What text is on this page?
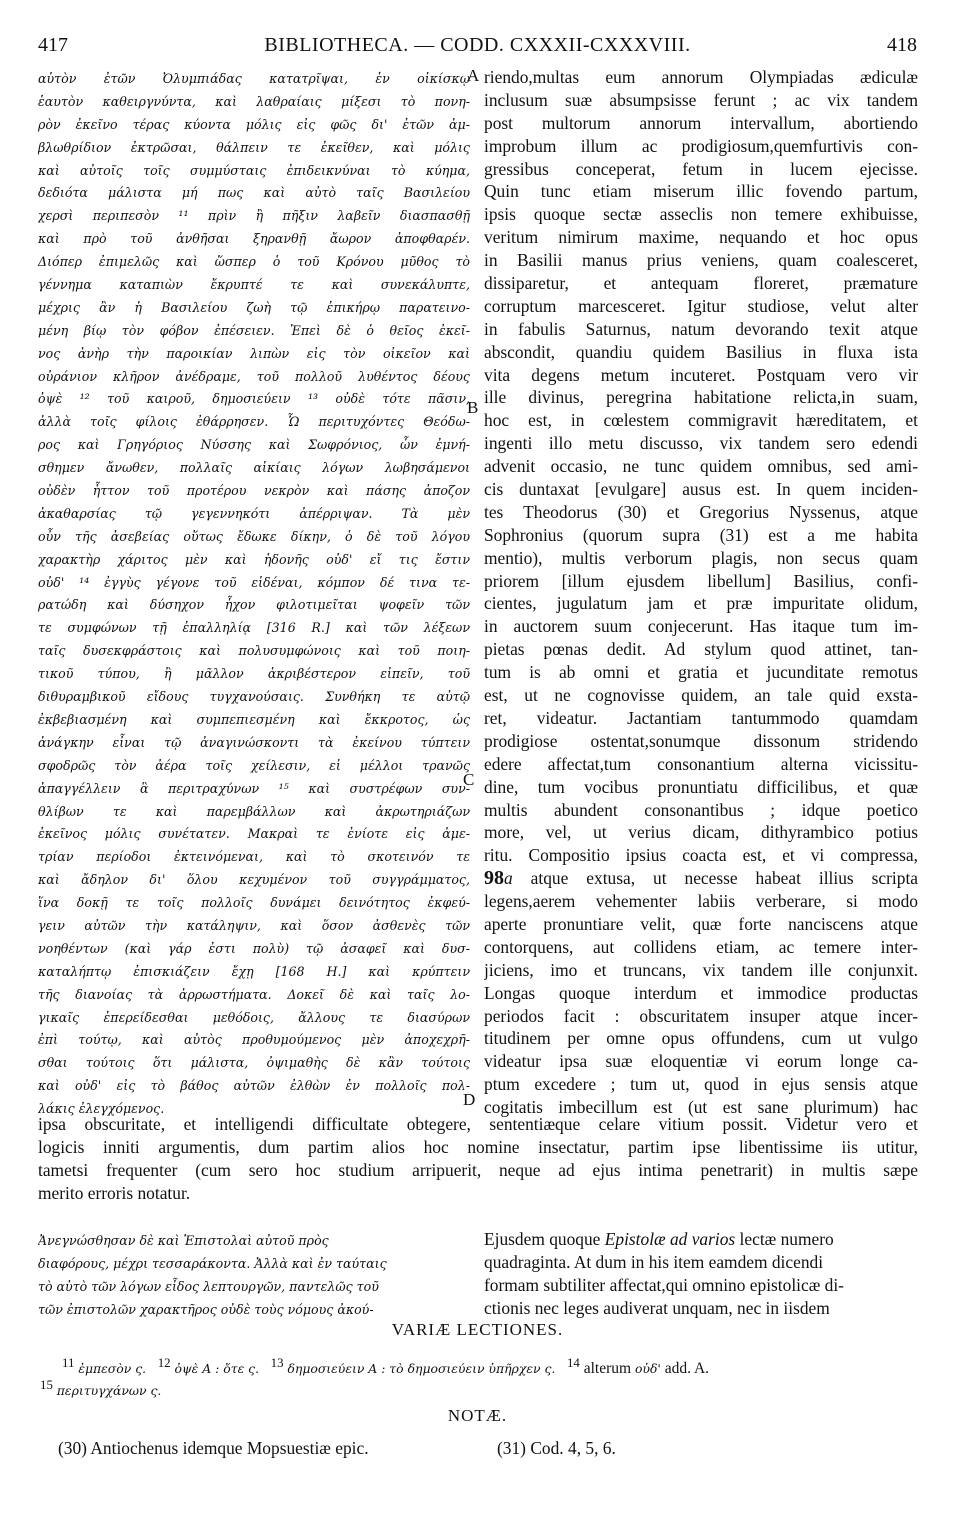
417	BIBLIOTHECA. — CODD. CXXXII-CXXXVIII.	418
αὐτὸν ἐτῶν Ὀλυμπιάδας κατατρῖψαι, ἐν οἰκίσκῳ
ἑαυτὸν καθειργνύντα, καὶ λαθραίαις μίξεσι τὸ πονη-
ρὸν ἐκεῖνο τέρας κύοντα μόλις εἰς φῶς δι' ἐτῶν ἀμ-
βλωθρίδιον ἐκτρῶσαι, θάλπειν τε ἐκεῖθεν, καὶ μόλις
καὶ αὐτοῖς τοῖς συμμύσταις ἐπιδεικνύναι τὸ κύημα,
δεδιότα μάλιστα μή πως καὶ αὐτὸ ταῖς Βασιλείου
χερσὶ περιπεσὸν ¹¹ πρὶν ἢ πῆξιν λαβεῖν διασπασθῇ
καὶ πρὸ τοῦ ἀνθῆσαι ξηρανθῇ ἄωρον ἀποφθαρέν.
Διόπερ ἐπιμελῶς καὶ ὥσπερ ὁ τοῦ Κρόνου μῦθος τὸ
γέννημα καταπιὼν ἔκρυπτέ τε καὶ συνεκάλυπτε,
μέχρις ἂν ἡ Βασιλείου ζωὴ τῷ ἐπικήρῳ παρατεινο-
μένη βίῳ τὸν φόβον ἐπέσειεν. Ἐπεὶ δὲ ὁ θεῖος ἐκεῖ-
νος ἀνὴρ τὴν παροικίαν λιπὼν εἰς τὸν οἰκεῖον καὶ
οὐράνιον κλῆρον ἀνέδραμε, τοῦ πολλοῦ λυθέντος δέους
ὀψὲ ¹² τοῦ καιροῦ, δημοσιεύειν ¹³ οὐδὲ τότε πᾶσιν,
ἀλλὰ τοῖς φίλοις ἐθάρρησεν. Ὧ περιτυχόντες Θεόδω-
ρος καὶ Γρηγόριος Νύσσης καὶ Σωφρόνιος, ὧν ἐμνή-
σθημεν ἄνωθεν, πολλαῖς αἰκίαις λόγων λωβησάμενοι
οὐδὲν ἧττον τοῦ προτέρου νεκρὸν καὶ πάσης ἀποζον
ἀκαθαρσίας τῷ γεγεννηκότι ἀπέρριψαν. Τὰ μὲν
οὖν τῆς ἀσεβείας οὕτως ἔδωκε δίκην, ὁ δὲ τοῦ λόγου
χαρακτὴρ χάριτος μὲν καὶ ἡδονῆς οὐδ' εἴ τις ἔστιν
οὐδ' ¹⁴ ἐγγὺς γέγονε τοῦ εἰδέναι, κόμπον δέ τινα τε-
ρατώδη καὶ δύσηχον ἦχον φιλοτιμεῖται ψοφεῖν τῶν
τε συμφώνων τῇ ἐπαλληλίᾳ [316 R.] καὶ τῶν λέξεων
ταῖς δυσεκφράστοις καὶ πολυσυμφώνοις καὶ τοῦ ποιη-
τικοῦ τύπου, ἢ μᾶλλον ἀκριβέστερον εἰπεῖν, τοῦ
διθυραμβικοῦ εἴδους τυγχανούσαις. Συνθήκη τε αὐτῷ
ἐκβεβιασμένη καὶ συμπεπιεσμένη καὶ ἔκκροτος, ὡς
ἀνάγκην εἶναι τῷ ἀναγινώσκοντι τὰ ἐκείνου τύπτειν
σφοδρῶς τὸν ἀέρα τοῖς χείλεσιν, εἰ μέλλοι τρανῶς
ἀπαγγέλλειν ἃ περιτραχύνων ¹⁵ καὶ συστρέφων συν-
θλίβων τε καὶ παρεμβάλλων καὶ ἀκρωτηριάζων
ἐκεῖνος μόλις συνέτατεν. Μακραὶ τε ἐνίοτε εἰς ἀμε-
τρίαν περίοδοι ἐκτεινόμεναι, καὶ τὸ σκοτεινόν τε
καὶ ἄδηλον δι' ὅλου κεχυμένον τοῦ συγγράμματος,
ἵνα δοκῇ τε τοῖς πολλοῖς δυνάμει δεινότητος ἐκφεύ-
γειν αὐτῶν τὴν κατάληψιν, καὶ ὅσον ἀσθενὲς τῶν
νοηθέντων (καὶ γάρ ἐστι πολὺ) τῷ ἀσαφεῖ καὶ δυσ-
καταλήπτῳ ἐπισκιάζειν ἔχῃ [168 H.] καὶ κρύπτειν
τῆς διανοίας τὰ ἀρρωστήματα. Δοκεῖ δὲ καὶ ταῖς λο-
γικαῖς ἐπερείδεσθαι μεθόδοις, ἄλλους τε διασύρων
ἐπὶ τούτῳ, καὶ αὐτὸς προθυμούμενος μὲν ἀποχεχρῆ-
σθαι τούτοις ὅτι μάλιστα, ὀψιμαθὴς δὲ κἂν τούτοις
καὶ οὐδ' εἰς τὸ βάθος αὐτῶν ἐλθὼν ἐν πολλοῖς πολ-
λάκις ἐλεγχόμενος.
riendo,multas eum annorum Olympiadas ædiculæ
inclusum suæ absumpsisse ferunt ; ac vix tandem
post multorum annorum intervallum, abortiendo
improbum illum ac prodigiosum,quemfurtivis con-
gressibus conceperat, fetum in lucem ejecisse.
Quin tunc etiam miserum illic fovendo partum,
ipsis quoque sectæ asseclis non temere exhibuisse,
veritum nimirum maxime, nequando et hoc opus
in Basilii manus prius veniens, quam coalesceret,
dissiparetur, et antequam floreret, præmature
corruptum marcesceret. Igitur studiose, velut alter
in fabulis Saturnus, natum devorando texit atque
abscondit, quandiu quidem Basilius in fluxa ista
vita degens metum incuteret. Postquam vero vir
ille divinus, peregrina habitatione relicta,in suam,
hoc est, in cœlestem commigravit hæreditatem, et
ingenti illo metu discusso, vix tandem sero edendi
advenit occasio, ne tunc quidem omnibus, sed ami-
cis duntaxat [evulgare] ausus est. In quem inciden-
tes Theodorus (30) et Gregorius Nyssenus, atque
Sophronius (quorum supra (31) est a me habita
mentio), multis verborum plagis, non secus quam
priorem [illum ejusdem libellum] Basilius, confi-
cientes, jugulatum jam et præ impuritate olidum,
in auctorem suum conjecerunt. Has itaque tum im-
pietas pœnas dedit. Ad stylum quod attinet, tan-
tum is ab omni et gratia et jucunditate remotus
est, ut ne cognovisse quidem, an tale quid exsta-
ret, videatur. Jactantiam tantummodo quamdam
prodigiose ostentat,sonumque dissonum stridendo
edere affectat,tum consonantium alterna vicissitu-
dine, tum vocibus pronuntiatu difficilibus, et quæ
multis abundent consonantibus ; idque poetico
more, vel, ut verius dicam, dithyrambico potius
ritu. Compositio ipsius coacta est, et vi compressa,
98a atque extusa, ut necesse habeat illius scripta
legens,aerem vehementer labiis verberare, si modo
aperte pronuntiare velit, quæ forte nanciscens atque
contorquens, aut collidens etiam, ac temere inter-
jiciens, imo et truncans, vix tandem ille conjunxit.
Longas quoque interdum et immodice productas
periodos facit : obscuritatem insuper atque incer-
titudinem per omne opus offundens, cum ut vulgo
videatur ipsa suæ eloquentiæ vi eorum longe ca-
ptum excedere ; tum ut, quod in ejus sensis atque
cogitatis imbecillum est (ut est sane plurimum) hac
A
B
C
D
ipsa obscuritate, et intelligendi difficultate obtegere, sententiæque celare vitium possit. Videtur vero et
logicis inniti argumentis, dum partim alios hoc nomine insectatur, partim ipse libentissime iis utitur,
tametsi frequenter (cum sero hoc studium arripuerit, neque ad ejus intima penetrarit) in multis sæpe
merito erroris notatur.
Ἀνεγνώσθησαν δὲ καὶ Ἐπιστολαὶ αὐτοῦ πρὸς
διαφόρους, μέχρι τεσσαράκοντα. Ἀλλὰ καὶ ἐν ταύταις
τὸ αὐτὸ τῶν λόγων εἶδος λεπτουργῶν, παντελῶς τοῦ
τῶν ἐπιστολῶν χαρακτῆρος οὐδὲ τοὺς νόμους ἀκού-
Ejusdem quoque Epistolæ ad varios lectæ numero
quadraginta. At dum in his item eamdem dicendi
formam subtiliter affectat,qui omnino epistolicæ di-
ctionis nec leges audiverat unquam, nec in iisdem
VARIÆ LECTIONES.
$^{11}$ ἐμπεσὸν ς. $^{12}$ ὀψὲ A : ὄτε ς. $^{13}$ δημοσιεύειν A : τὸ δημοσιεύειν ὑπῆρχεν ς. $^{14}$ alterum οὐδ' add. A.
$^{15}$ περιτυγχάνων ς.
NOTÆ.
(30) Antiochenus idemque Mopsuestiæ epic.	(31) Cod. 4, 5, 6.
